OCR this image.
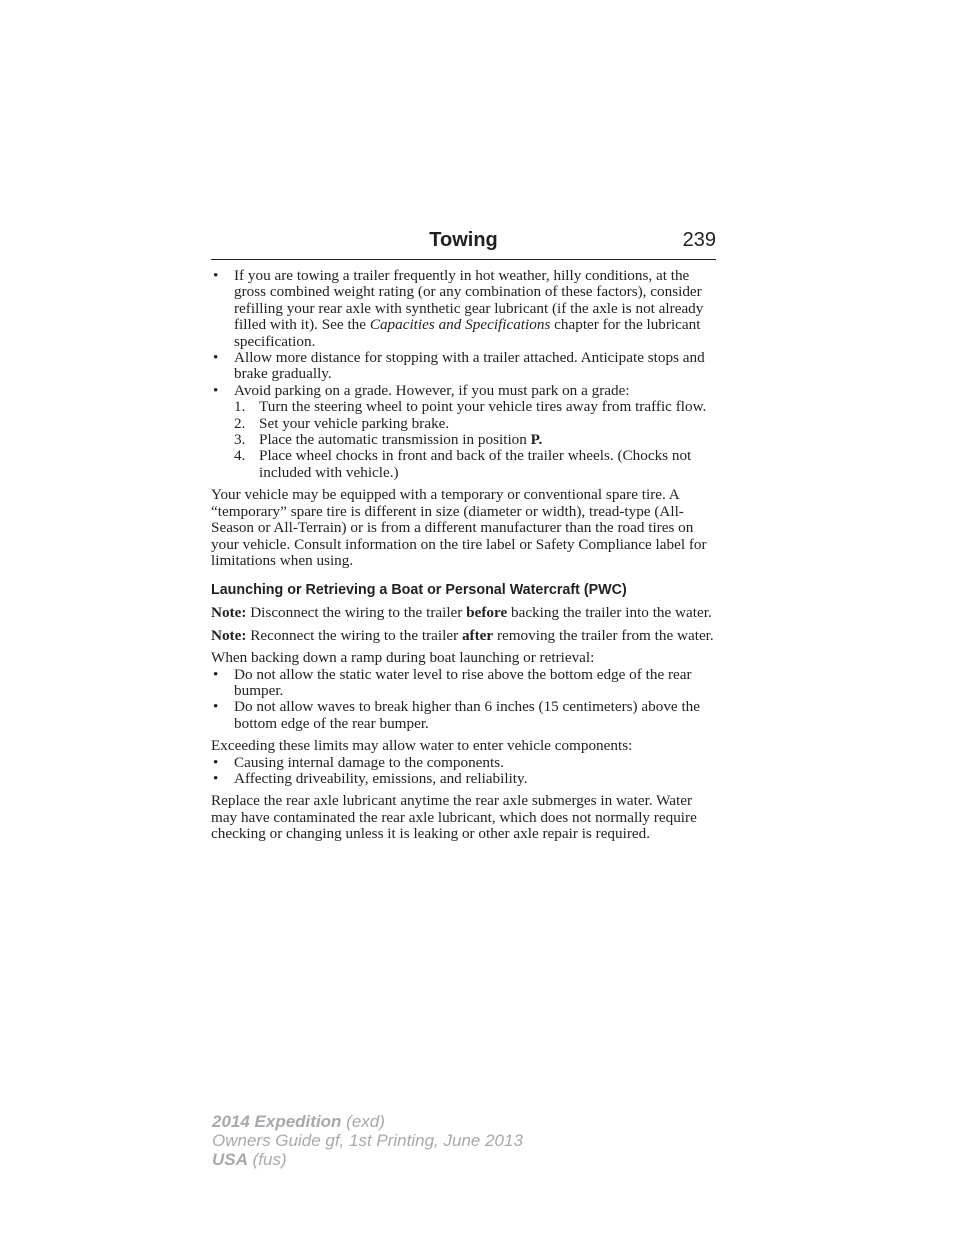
Towing	239
• If you are towing a trailer frequently in hot weather, hilly conditions, at the gross combined weight rating (or any combination of these factors), consider refilling your rear axle with synthetic gear lubricant (if the axle is not already filled with it). See the Capacities and Specifications chapter for the lubricant specification.
• Allow more distance for stopping with a trailer attached. Anticipate stops and brake gradually.
• Avoid parking on a grade. However, if you must park on a grade:
1. Turn the steering wheel to point your vehicle tires away from traffic flow.
2. Set your vehicle parking brake.
3. Place the automatic transmission in position P.
4. Place wheel chocks in front and back of the trailer wheels. (Chocks not included with vehicle.)

Your vehicle may be equipped with a temporary or conventional spare tire. A “temporary” spare tire is different in size (diameter or width), tread-type (All-Season or All-Terrain) or is from a different manufacturer than the road tires on your vehicle. Consult information on the tire label or Safety Compliance label for limitations when using.

Launching or Retrieving a Boat or Personal Watercraft (PWC)

Note: Disconnect the wiring to the trailer before backing the trailer into the water.

Note: Reconnect the wiring to the trailer after removing the trailer from the water.

When backing down a ramp during boat launching or retrieval:

• Do not allow the static water level to rise above the bottom edge of the rear bumper.
• Do not allow waves to break higher than 6 inches (15 centimeters) above the bottom edge of the rear bumper.

Exceeding these limits may allow water to enter vehicle components:

• Causing internal damage to the components.
• Affecting driveability, emissions, and reliability.

Replace the rear axle lubricant anytime the rear axle submerges in water. Water may have contaminated the rear axle lubricant, which does not normally require checking or changing unless it is leaking or other axle repair is required.

2014 Expedition (exd)
Owners Guide gf, 1st Printing, June 2013
USA (fus)
